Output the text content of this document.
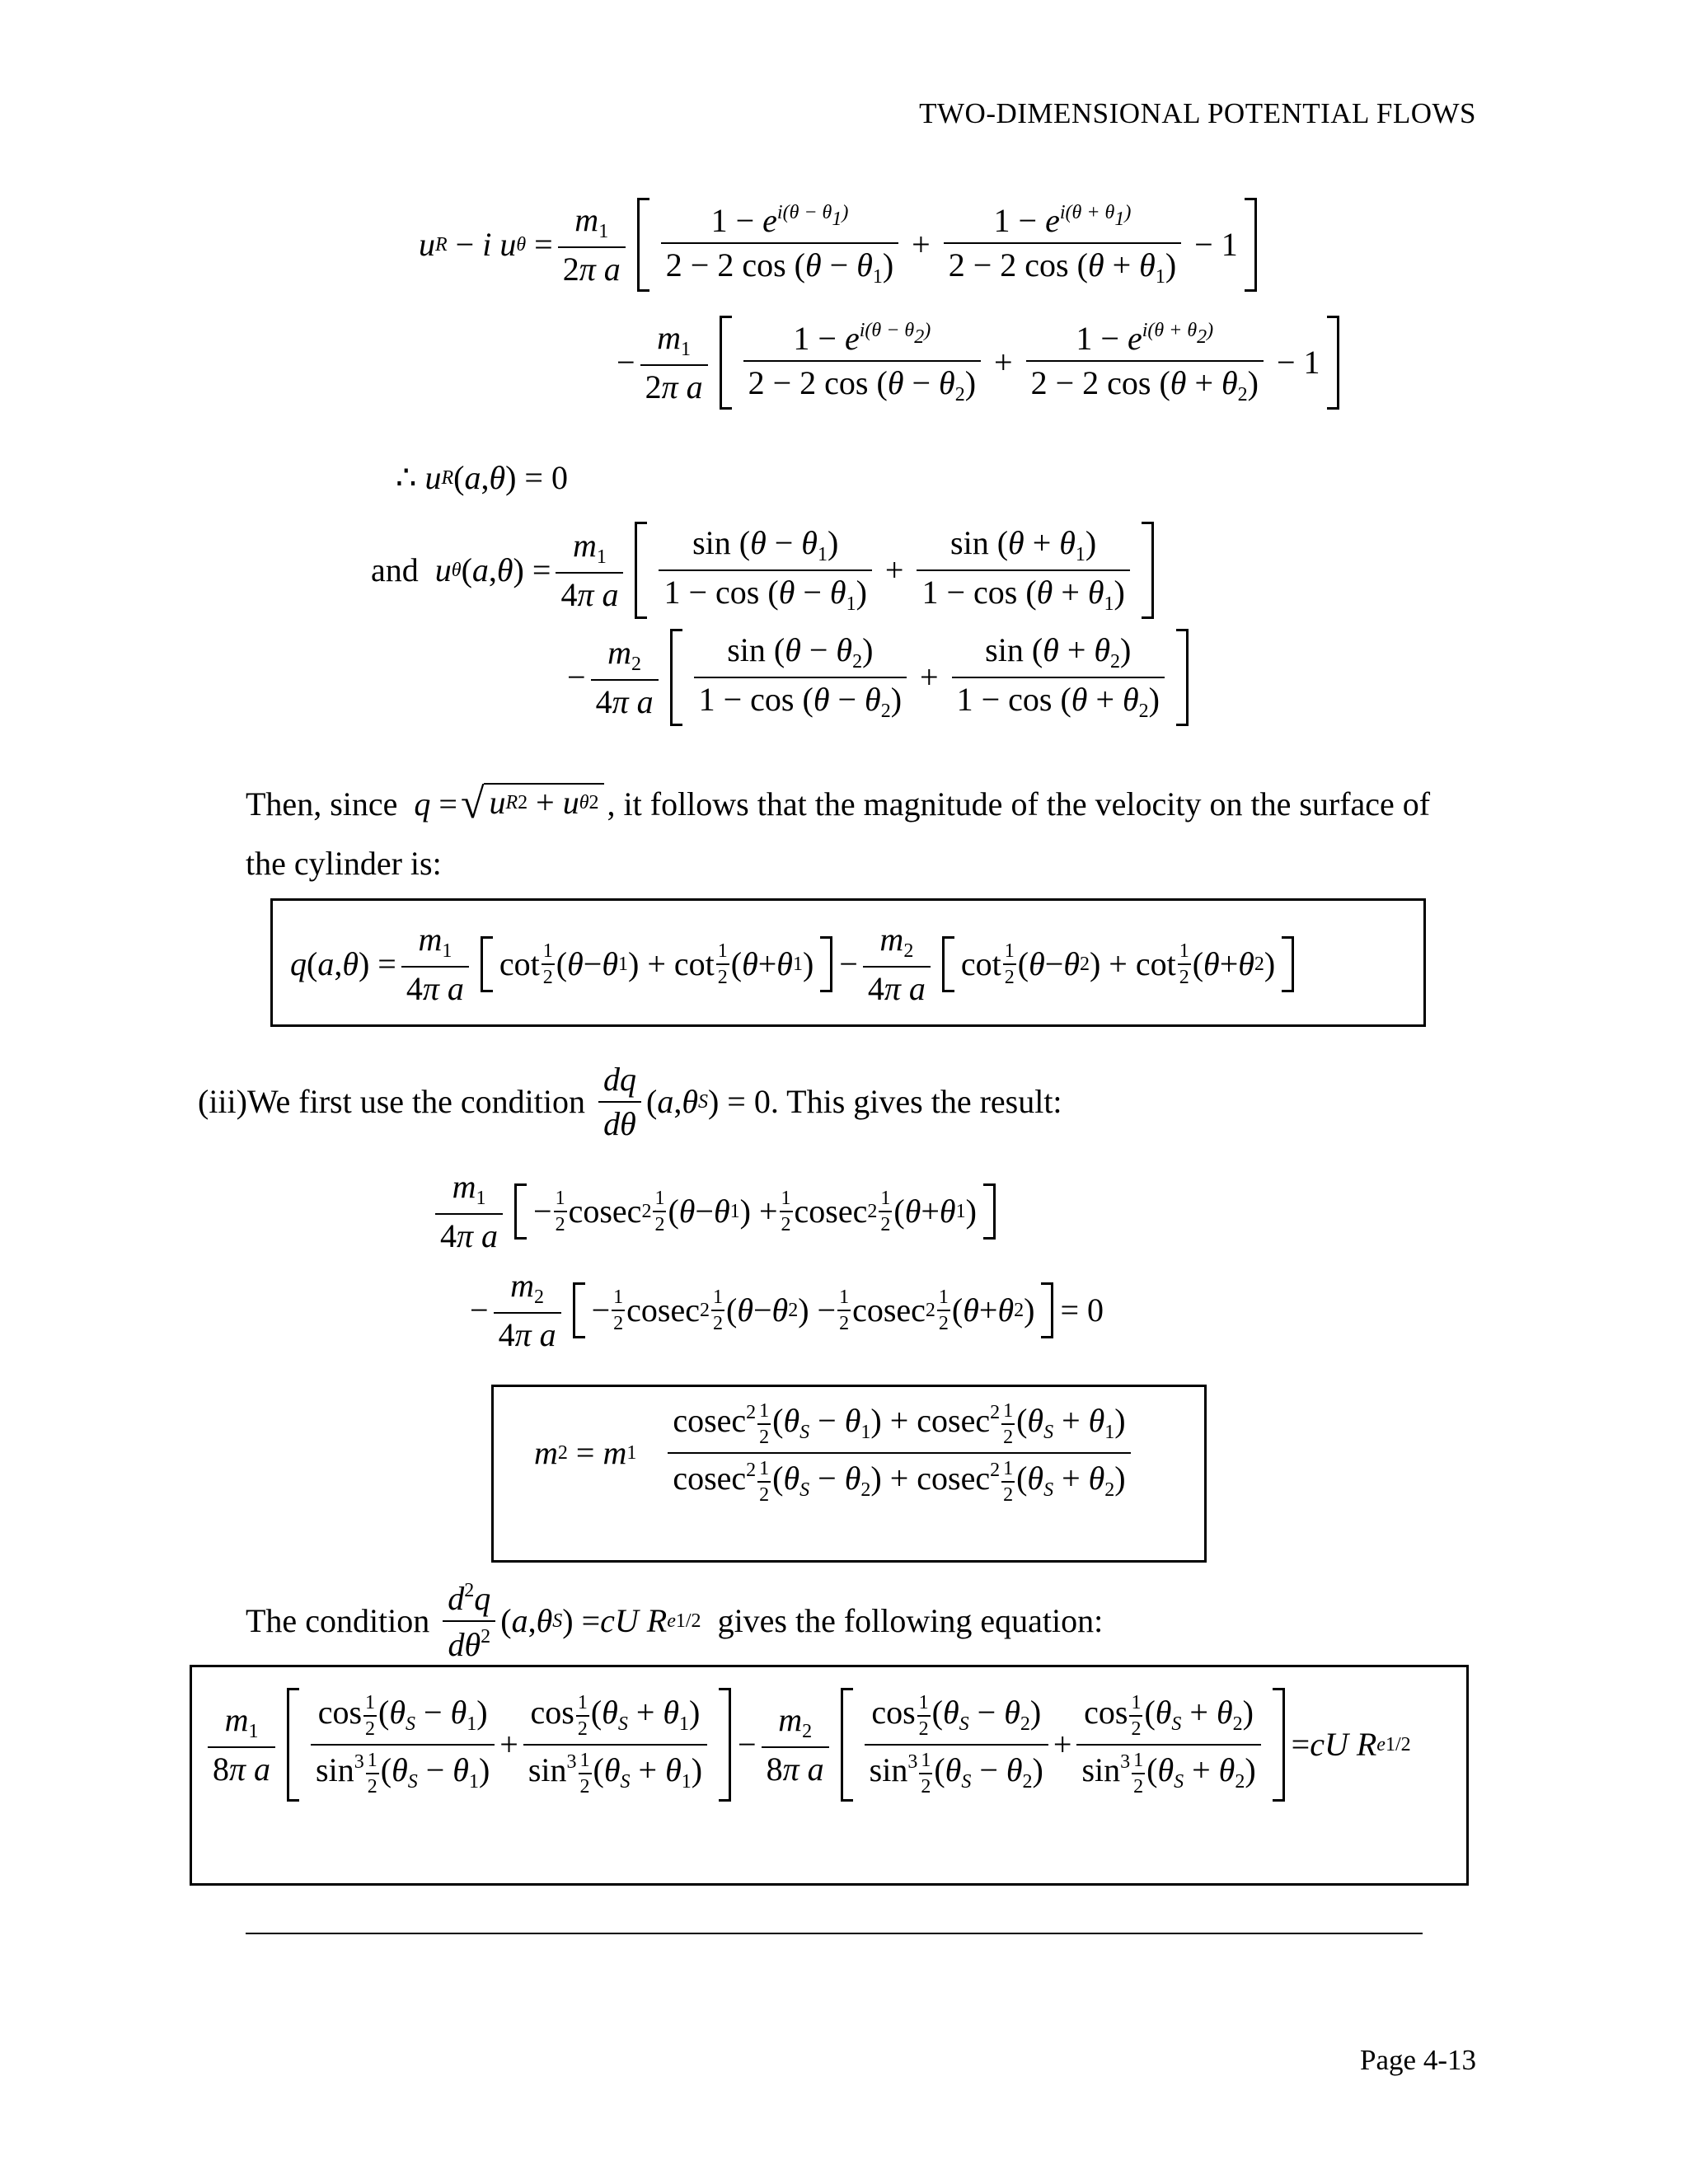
TWO-DIMENSIONAL POTENTIAL FLOWS
u R − i u $\theta = \frac{m_1}{\text{2π a}} \frac{1 - e^{i(\theta - \theta_1)}}{2 - 2 \cos (\theta - \theta_1)} + \frac{1 - e^{i(\theta + \theta_1)}}{2 - 2 \cos (\theta + \theta_1)} - 1$
− $\frac{m_1}{\text{2π a}} \frac{1 - e^{i(\theta - \theta_2)}}{2 - 2 \cos (\theta - \theta_2)} + \frac{1 - e^{i(\theta + \theta_2)}}{2 - 2 \cos (\theta + \theta_2)} - 1$
∴
u R ( a , θ ) = 0
and
u θ ( a , θ ) = $\frac{m_1}{\text{4π a}} \frac{\sin (\theta - \theta_1)}{1 - \cos (\theta - \theta_1)} + \frac{\sin (\theta + \theta_1)}{1 - \cos (\theta + \theta_1)}$
− $\frac{m_2}{\text{4π a}} \frac{\sin (\theta - \theta_2)}{1 - \cos (\theta - \theta_2)} + \frac{\sin (\theta + \theta_2)}{1 - \cos (\theta + \theta_2)}$
Then, since
q = √ u R 2 + u θ 2 , it follows that the magnitude of the velocity on the surface of
the cylinder is:
q ( a , θ ) = $\frac{m_1}{\text{4π a}}$ $\cot \frac{1}{2}$ ( θ − θ 1 ) + $\cot \frac{1}{2}$ ( θ + θ 1 ) − $\frac{m_2}{\text{4π a}}$ $\cot \frac{1}{2}$ ( θ − θ 2 ) + $\cot \frac{1}{2}$ ( θ + θ 2 )
(iii)We first use the condition
$\frac{dq}{d\theta}$ ( a , θ S ) = 0 . This gives the result:
$\frac{m_1}{\text{4π a}} - \frac{1}{2}$ cosec $2 \frac{1}{2}$ ( θ − θ 1 ) + $\frac{1}{2}$ cosec $2 \frac{1}{2}$ ( θ + θ 1 )
− $\frac{m_2}{\text{4π a}} - \frac{1}{2}$ cosec $2 \frac{1}{2}$ ( θ − θ 2 ) − $\frac{1}{2}$ cosec $2 \frac{1}{2}$ ( θ + θ 2 ) = 0
m 2 = m 1
$\frac{cosec^2 \frac{1}{2} (\theta_S - \theta_1) + cosec^2 \frac{1}{2} (\theta_S + \theta_1)}{cosec^2 \frac{1}{2} (\theta_S - \theta_2) + cosec^2 \frac{1}{2} (\theta_S + \theta_2)}$
The condition
$\frac{d^2q}{d\theta^2}$ ( a , θ S ) = cU R e 1/2
gives the following equation:
$\frac{m_1}{\text{8π a}} \frac{\cos \frac{1}{2} (\theta_S - \theta_1)}{\sin^3 \frac{1}{2} (\theta_S - \theta_1)} + \frac{\cos \frac{1}{2} (\theta_S + \theta_1)}{\sin^3 \frac{1}{2} (\theta_S + \theta_1)} - \frac{m_2}{\text{8π a}} \frac{\cos \frac{1}{2} (\theta_S - \theta_2)}{\sin^3 \frac{1}{2} (\theta_S - \theta_2)} + \frac{\cos \frac{1}{2} (\theta_S + \theta_2)}{\sin^3 \frac{1}{2} (\theta_S + \theta_2)}$ = cU R e 1/2
Page 4-13
